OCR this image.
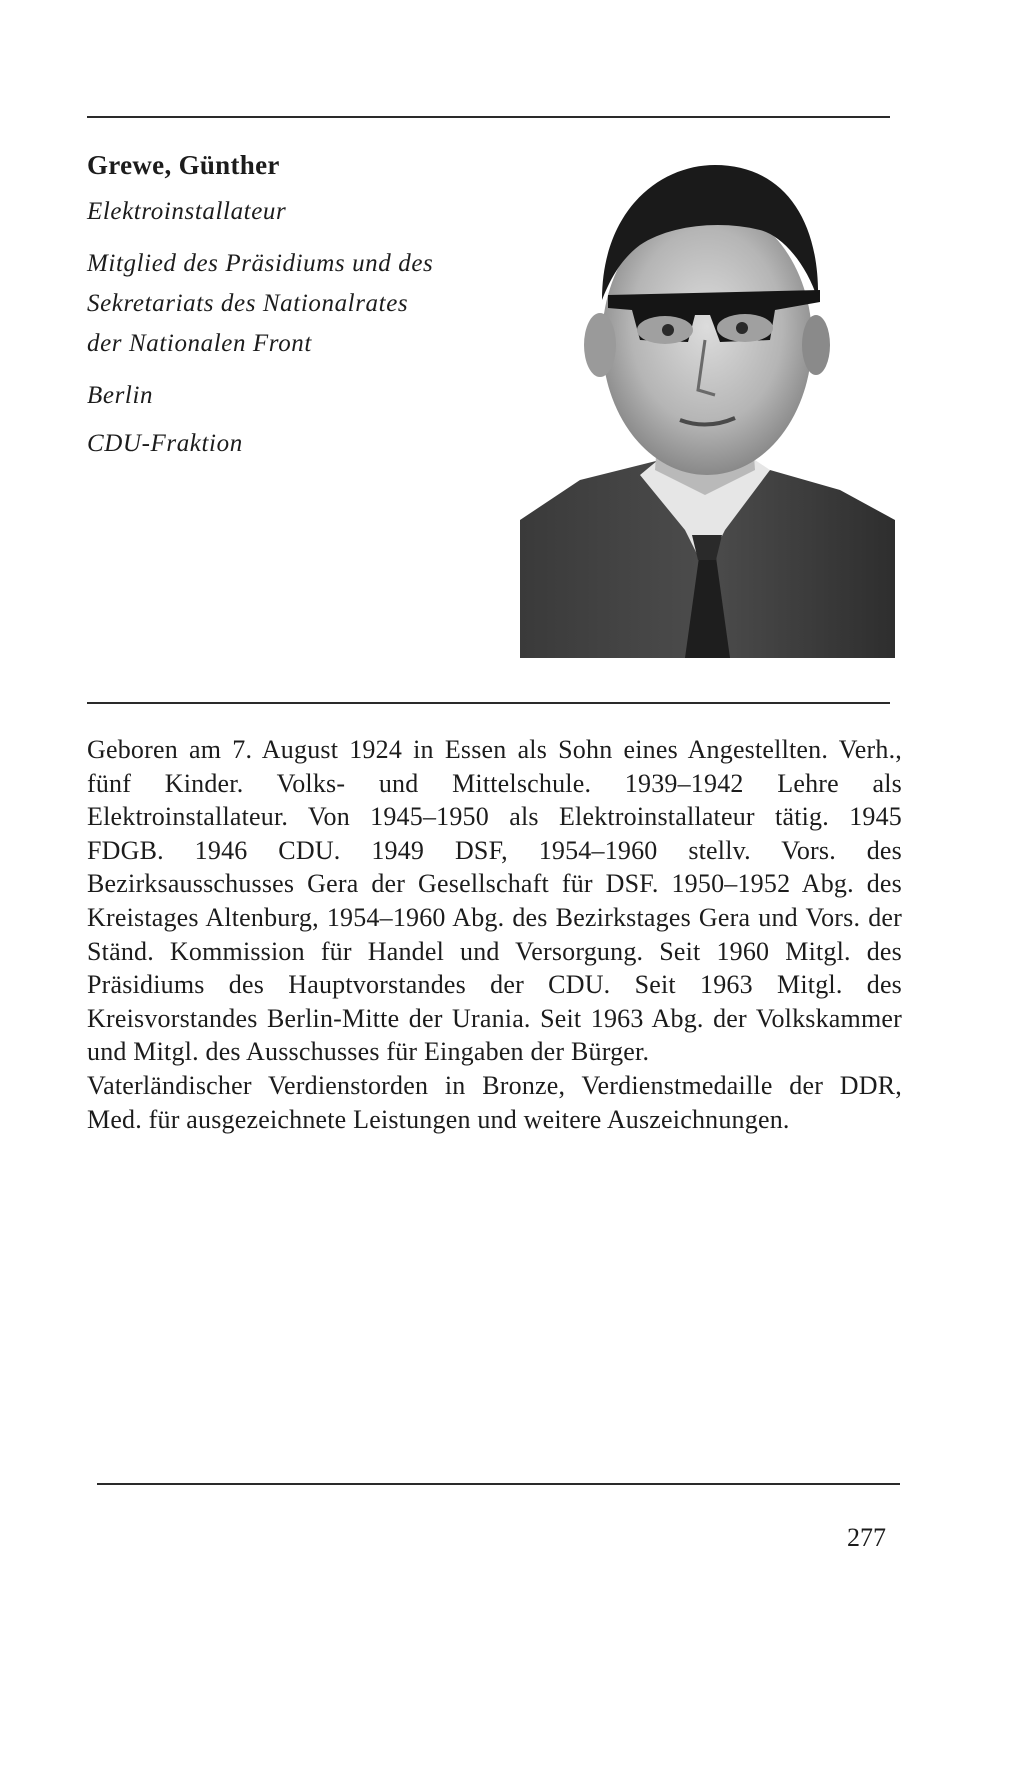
Grewe, Günther
Elektroinstallateur
Mitglied des Präsidiums und des
Sekretariats des Nationalrates
der Nationalen Front
Berlin
CDU-Fraktion

Geboren am 7. August 1924 in Essen als Sohn eines Angestellten. Verh., fünf Kinder. Volks- und Mittelschule. 1939–1942 Lehre als Elektroinstallateur. Von 1945–1950 als Elektroinstallateur tätig. 1945 FDGB. 1946 CDU. 1949 DSF, 1954–1960 stellv. Vors. des Bezirksausschusses Gera der Gesellschaft für DSF. 1950–1952 Abg. des Kreistages Altenburg, 1954–1960 Abg. des Bezirkstages Gera und Vors. der Ständ. Kommission für Handel und Versorgung. Seit 1960 Mitgl. des Präsidiums des Hauptvorstandes der CDU. Seit 1963 Mitgl. des Kreisvorstandes Berlin-Mitte der Urania. Seit 1963 Abg. der Volkskammer und Mitgl. des Ausschusses für Eingaben der Bürger.

Vaterländischer Verdienstorden in Bronze, Verdienstmedaille der DDR, Med. für ausgezeichnete Leistungen und weitere Auszeichnungen.

277
